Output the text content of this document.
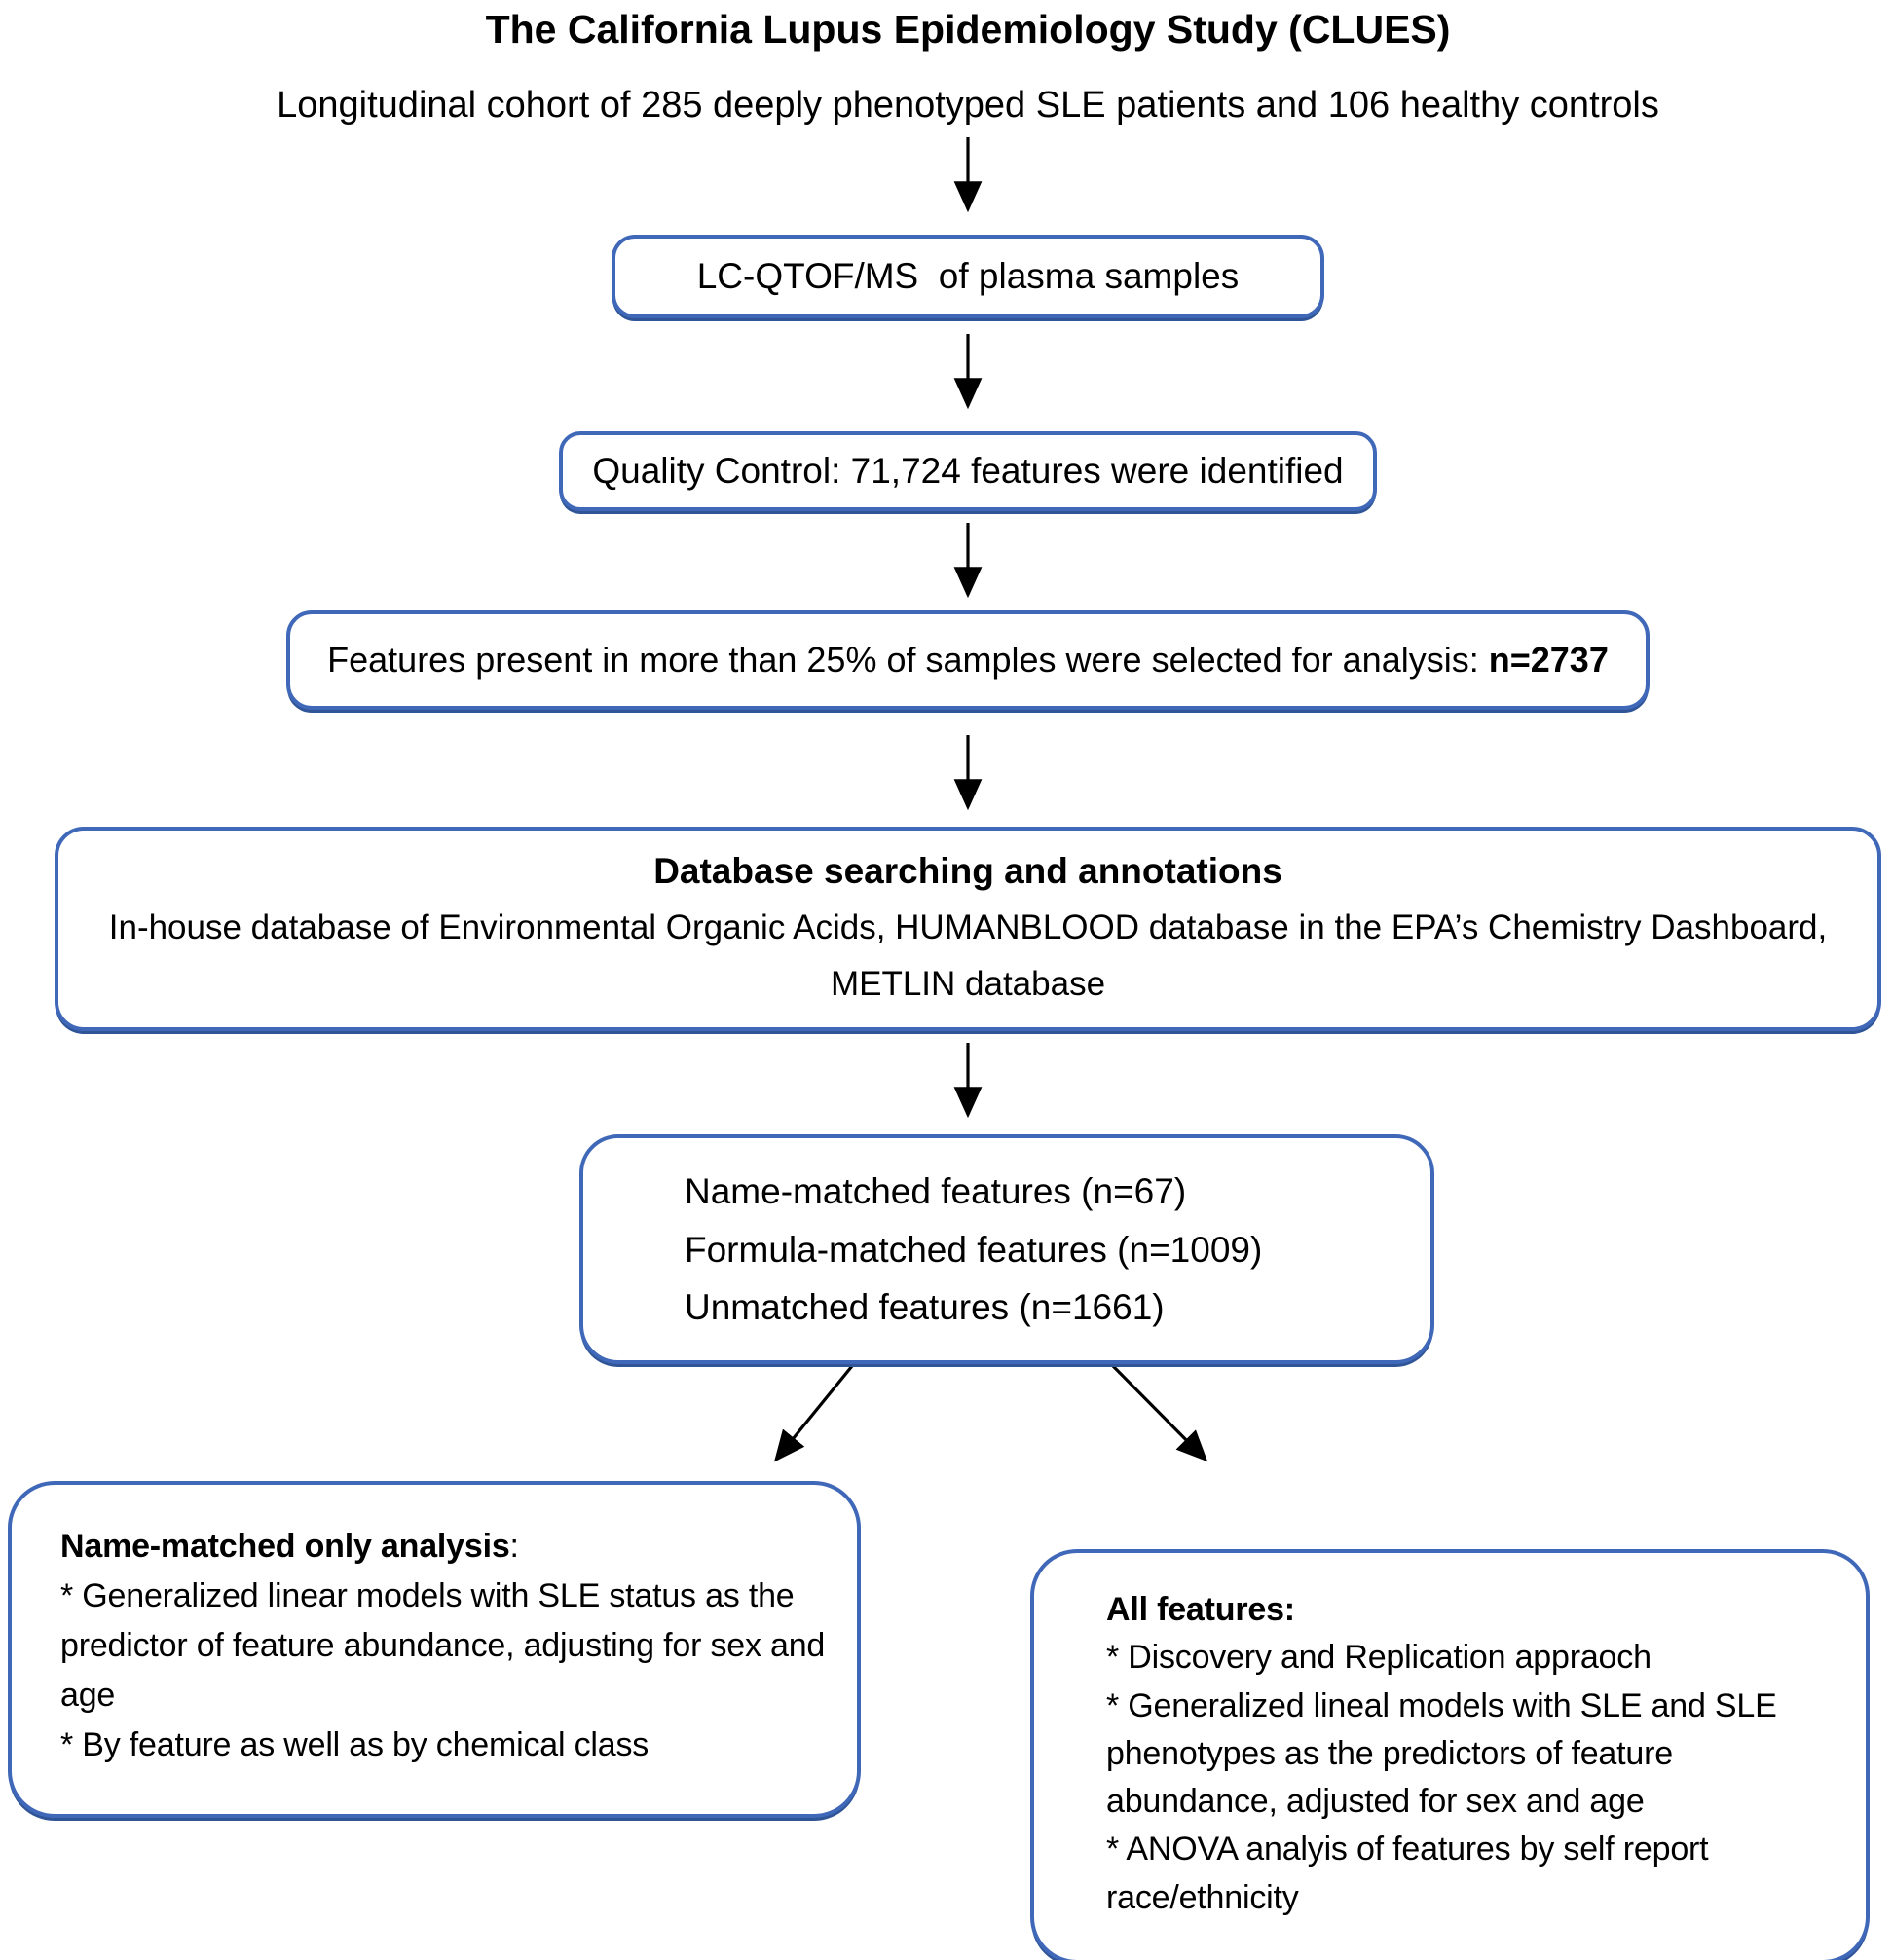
The California Lupus Epidemiology Study (CLUES)
Longitudinal cohort of 285 deeply phenotyped SLE patients and 106 healthy controls
LC-QTOF/MS  of plasma samples
Quality Control: 71,724 features were identified
Features present in more than 25% of samples were selected for analysis: n=2737
Database searching and annotations
In-house database of Environmental Organic Acids, HUMANBLOOD database in the EPA’s Chemistry Dashboard, METLIN database
Name-matched features (n=67)
Formula-matched features (n=1009)
Unmatched features (n=1661)
Name-matched only analysis:
* Generalized linear models with SLE status as the predictor of feature abundance, adjusting for sex and age
* By feature as well as by chemical class
All features:
* Discovery and Replication appraoch
* Generalized lineal models with SLE and SLE phenotypes as the predictors of feature abundance, adjusted for sex and age
* ANOVA analyis of features by self report race/ethnicity
